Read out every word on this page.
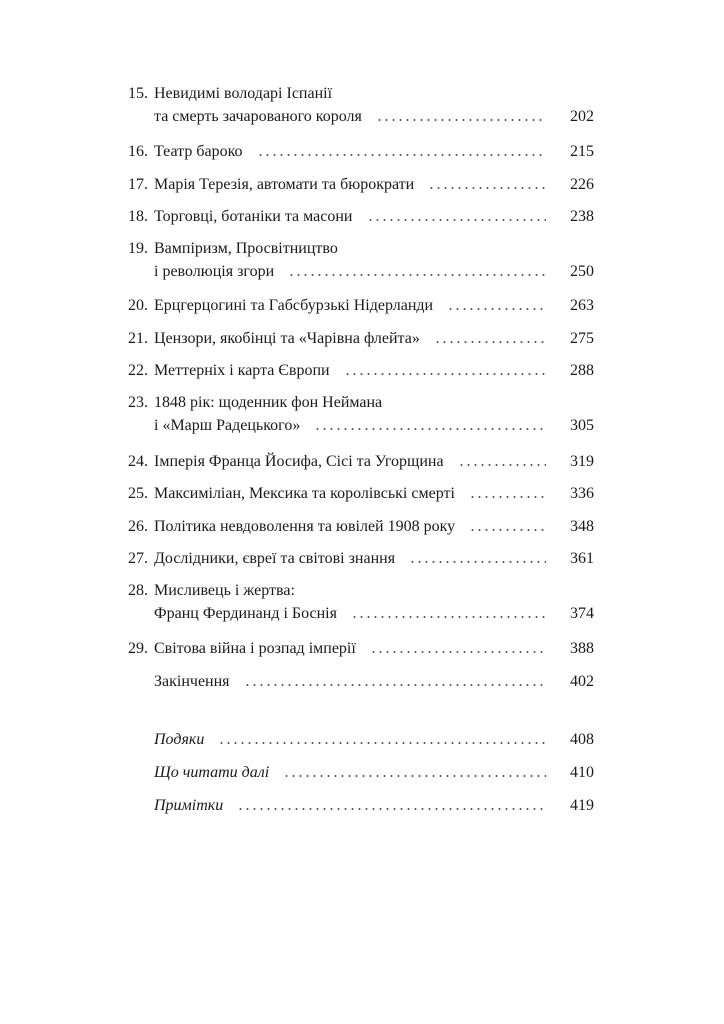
15. Невидимі володарі Іспанії
та смерть зачарованого короля	202
16. Театр бароко	215
17. Марія Терезія, автомати та бюрократи	226
18. Торговці, ботаніки та масони	238
19. Вампіризм, Просвітництво
і революція згори	250
20. Ерцгерцогині та Габсбурзькі Нідерланди	263
21. Цензори, якобінці та «Чарівна флейта»	275
22. Меттерніх і карта Європи	288
23. 1848 рік: щоденник фон Неймана
і «Марш Радецького»	305
24. Імперія Франца Йосифа, Сісі та Угорщина	319
25. Максиміліан, Мексика та королівські смерті	336
26. Політика невдоволення та ювілей 1908 року	348
27. Дослідники, євреї та світові знання	361
28. Мисливець і жертва:
Франц Фердинанд і Боснія	374
29. Світова війна і розпад імперії	388
Закінчення	402
Подяки	408
Що читати далі	410
Примітки	419
